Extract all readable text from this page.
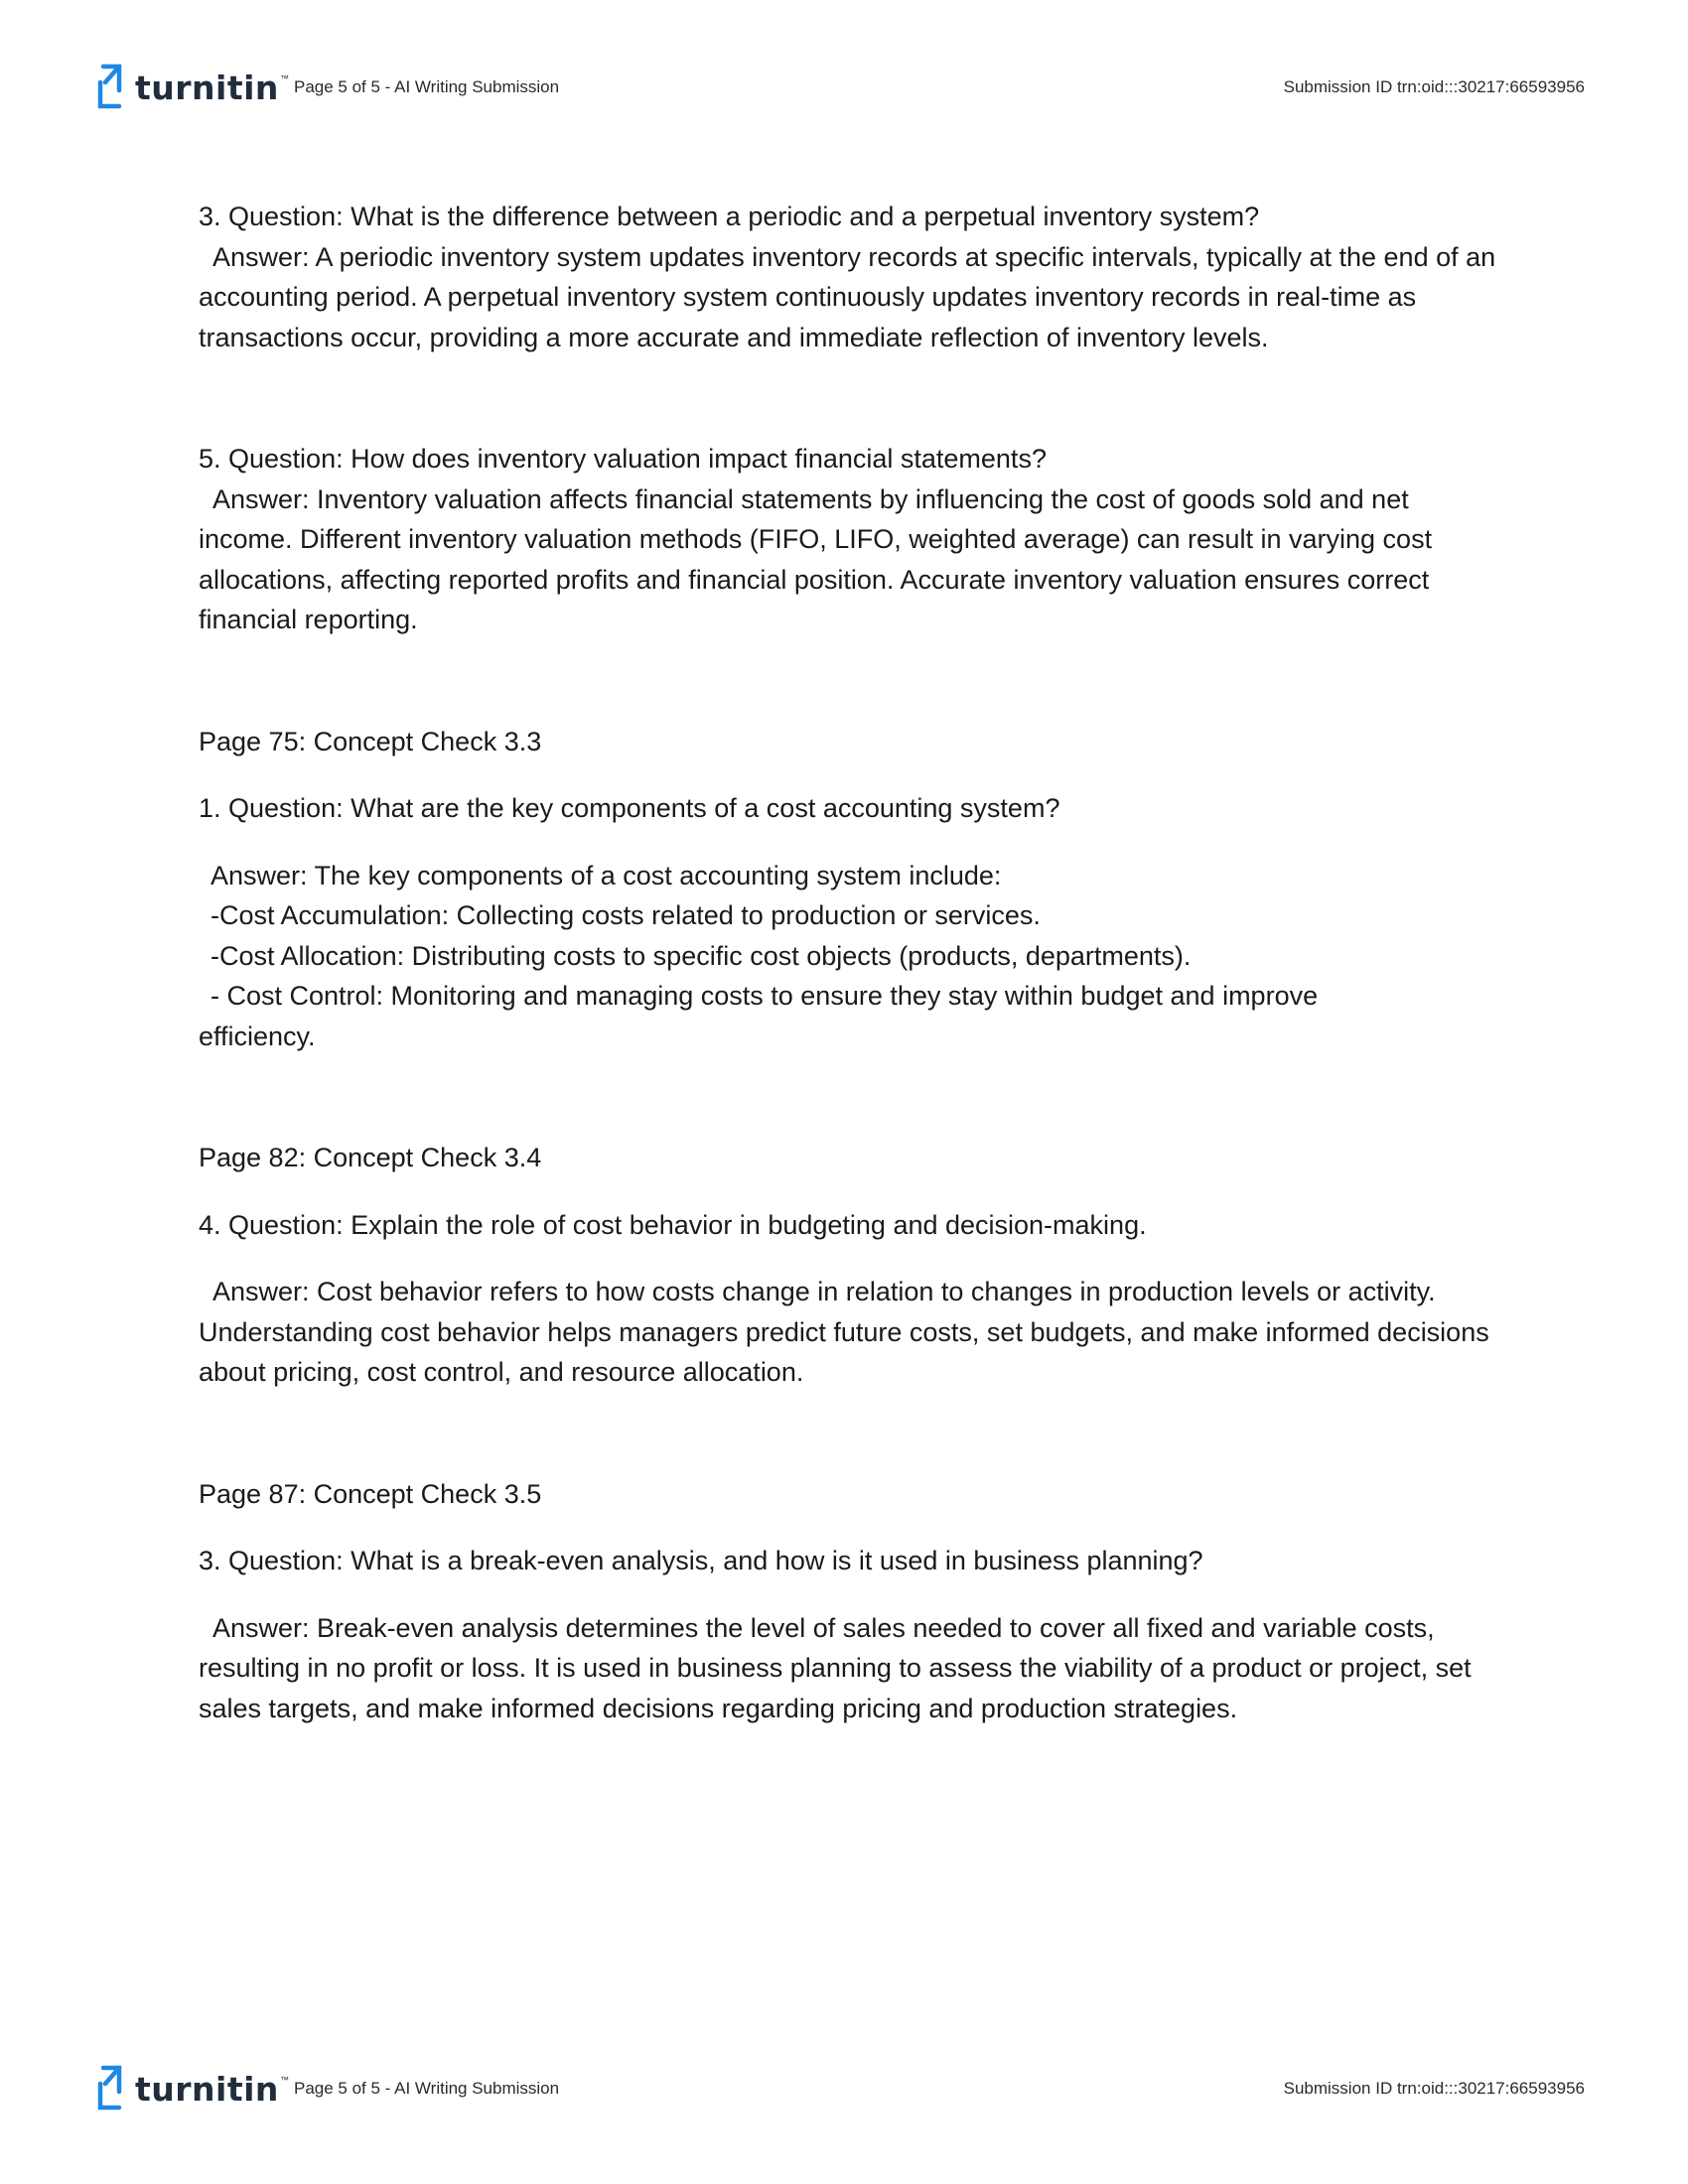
turnitin ™ Page 5 of 5 - AI Writing Submission	Submission ID trn:oid:::30217:66593956

3. Question: What is the difference between a periodic and a perpetual inventory system?

Answer: A periodic inventory system updates inventory records at specific intervals, typically at the end of an accounting period. A perpetual inventory system continuously updates inventory records in real-time as transactions occur, providing a more accurate and immediate reflection of inventory levels.

5. Question: How does inventory valuation impact financial statements?

Answer: Inventory valuation affects financial statements by influencing the cost of goods sold and net income. Different inventory valuation methods (FIFO, LIFO, weighted average) can result in varying cost allocations, affecting reported profits and financial position. Accurate inventory valuation ensures correct financial reporting.

Page 75: Concept Check 3.3

1. Question: What are the key components of a cost accounting system?

Answer: The key components of a cost accounting system include:

-Cost Accumulation: Collecting costs related to production or services.

-Cost Allocation: Distributing costs to specific cost objects (products, departments).

- Cost Control: Monitoring and managing costs to ensure they stay within budget and improve

efficiency.

Page 82: Concept Check 3.4

4. Question: Explain the role of cost behavior in budgeting and decision-making.

Answer: Cost behavior refers to how costs change in relation to changes in production levels or activity. Understanding cost behavior helps managers predict future costs, set budgets, and make informed decisions about pricing, cost control, and resource allocation.

Page 87: Concept Check 3.5

3. Question: What is a break-even analysis, and how is it used in business planning?

Answer: Break-even analysis determines the level of sales needed to cover all fixed and variable costs, resulting in no profit or loss. It is used in business planning to assess the viability of a product or project, set sales targets, and make informed decisions regarding pricing and production strategies.

turnitin ™ Page 5 of 5 - AI Writing Submission	Submission ID trn:oid:::30217:66593956
